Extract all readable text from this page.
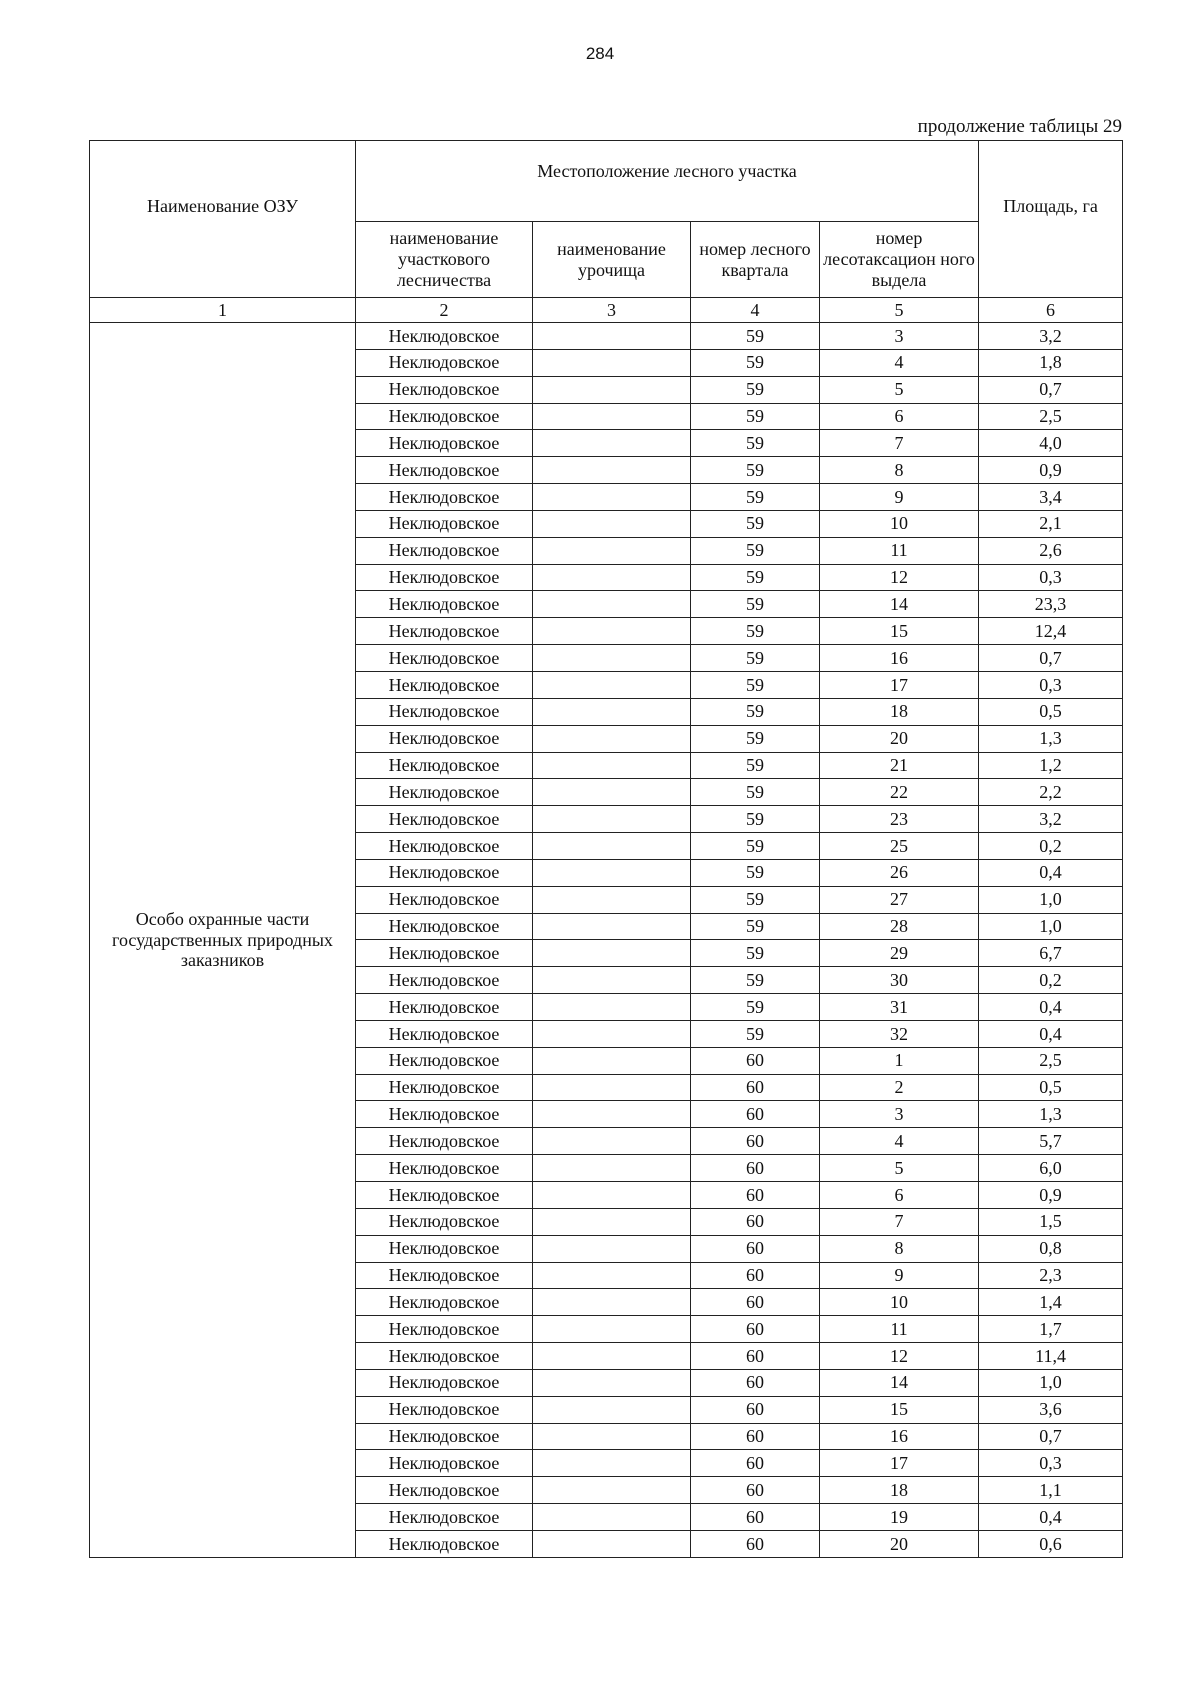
284
продолжение таблицы 29
Наименование ОЗУ	Местоположение лесного участка				Площадь, га
	наименование участкового лесничества	наименование урочища	номер лесного квартала	номер лесотаксацион ного выдела	
1	2	3	4	5	6
Особо охранные части государственных природных заказников	Неклюдовское		59	3	3,2
	Неклюдовское		59	4	1,8
	Неклюдовское		59	5	0,7
	Неклюдовское		59	6	2,5
	Неклюдовское		59	7	4,0
	Неклюдовское		59	8	0,9
	Неклюдовское		59	9	3,4
	Неклюдовское		59	10	2,1
	Неклюдовское		59	11	2,6
	Неклюдовское		59	12	0,3
	Неклюдовское		59	14	23,3
	Неклюдовское		59	15	12,4
	Неклюдовское		59	16	0,7
	Неклюдовское		59	17	0,3
	Неклюдовское		59	18	0,5
	Неклюдовское		59	20	1,3
	Неклюдовское		59	21	1,2
	Неклюдовское		59	22	2,2
	Неклюдовское		59	23	3,2
	Неклюдовское		59	25	0,2
	Неклюдовское		59	26	0,4
	Неклюдовское		59	27	1,0
	Неклюдовское		59	28	1,0
	Неклюдовское		59	29	6,7
	Неклюдовское		59	30	0,2
	Неклюдовское		59	31	0,4
	Неклюдовское		59	32	0,4
	Неклюдовское		60	1	2,5
	Неклюдовское		60	2	0,5
	Неклюдовское		60	3	1,3
	Неклюдовское		60	4	5,7
	Неклюдовское		60	5	6,0
	Неклюдовское		60	6	0,9
	Неклюдовское		60	7	1,5
	Неклюдовское		60	8	0,8
	Неклюдовское		60	9	2,3
	Неклюдовское		60	10	1,4
	Неклюдовское		60	11	1,7
	Неклюдовское		60	12	11,4
	Неклюдовское		60	14	1,0
	Неклюдовское		60	15	3,6
	Неклюдовское		60	16	0,7
	Неклюдовское		60	17	0,3
	Неклюдовское		60	18	1,1
	Неклюдовское		60	19	0,4
	Неклюдовское		60	20	0,6
